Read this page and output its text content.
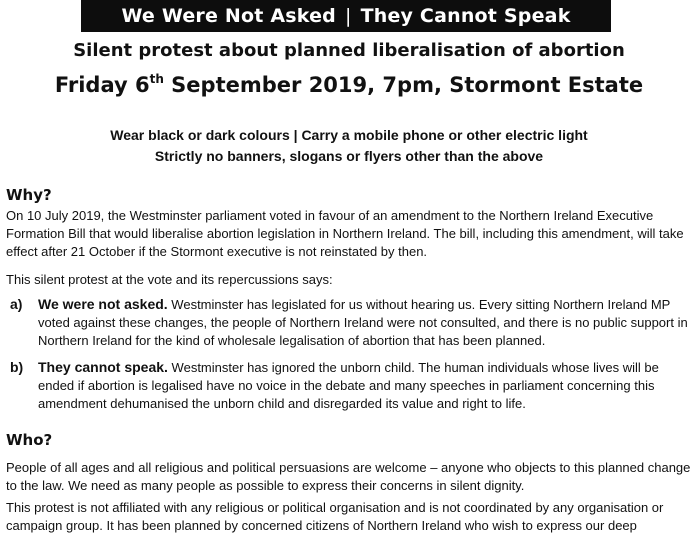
We Were Not Asked | They Cannot Speak
Silent protest about planned liberalisation of abortion
Friday 6th September 2019, 7pm, Stormont Estate
Wear black or dark colours | Carry a mobile phone or other electric light
Strictly no banners, slogans or flyers other than the above
Why?

On 10 July 2019, the Westminster parliament voted in favour of an amendment to the Northern Ireland Executive Formation Bill that would liberalise abortion legislation in Northern Ireland. The bill, including this amendment, will take effect after 21 October if the Stormont executive is not reinstated by then.

This silent protest at the vote and its repercussions says:

a)	We were not asked. Westminster has legislated for us without hearing us. Every sitting Northern Ireland MP voted against these changes, the people of Northern Ireland were not consulted, and there is no public support in Northern Ireland for the kind of wholesale legalisation of abortion that has been planned.
b)	They cannot speak. Westminster has ignored the unborn child. The human individuals whose lives will be ended if abortion is legalised have no voice in the debate and many speeches in parliament concerning this amendment dehumanised the unborn child and disregarded its value and right to life.
Who?

People of all ages and all religious and political persuasions are welcome – anyone who objects to this planned change to the law. We need as many people as possible to express their concerns in silent dignity.

This protest is not affiliated with any religious or political organisation and is not coordinated by any organisation or campaign group. It has been planned by concerned citizens of Northern Ireland who wish to express our deep
